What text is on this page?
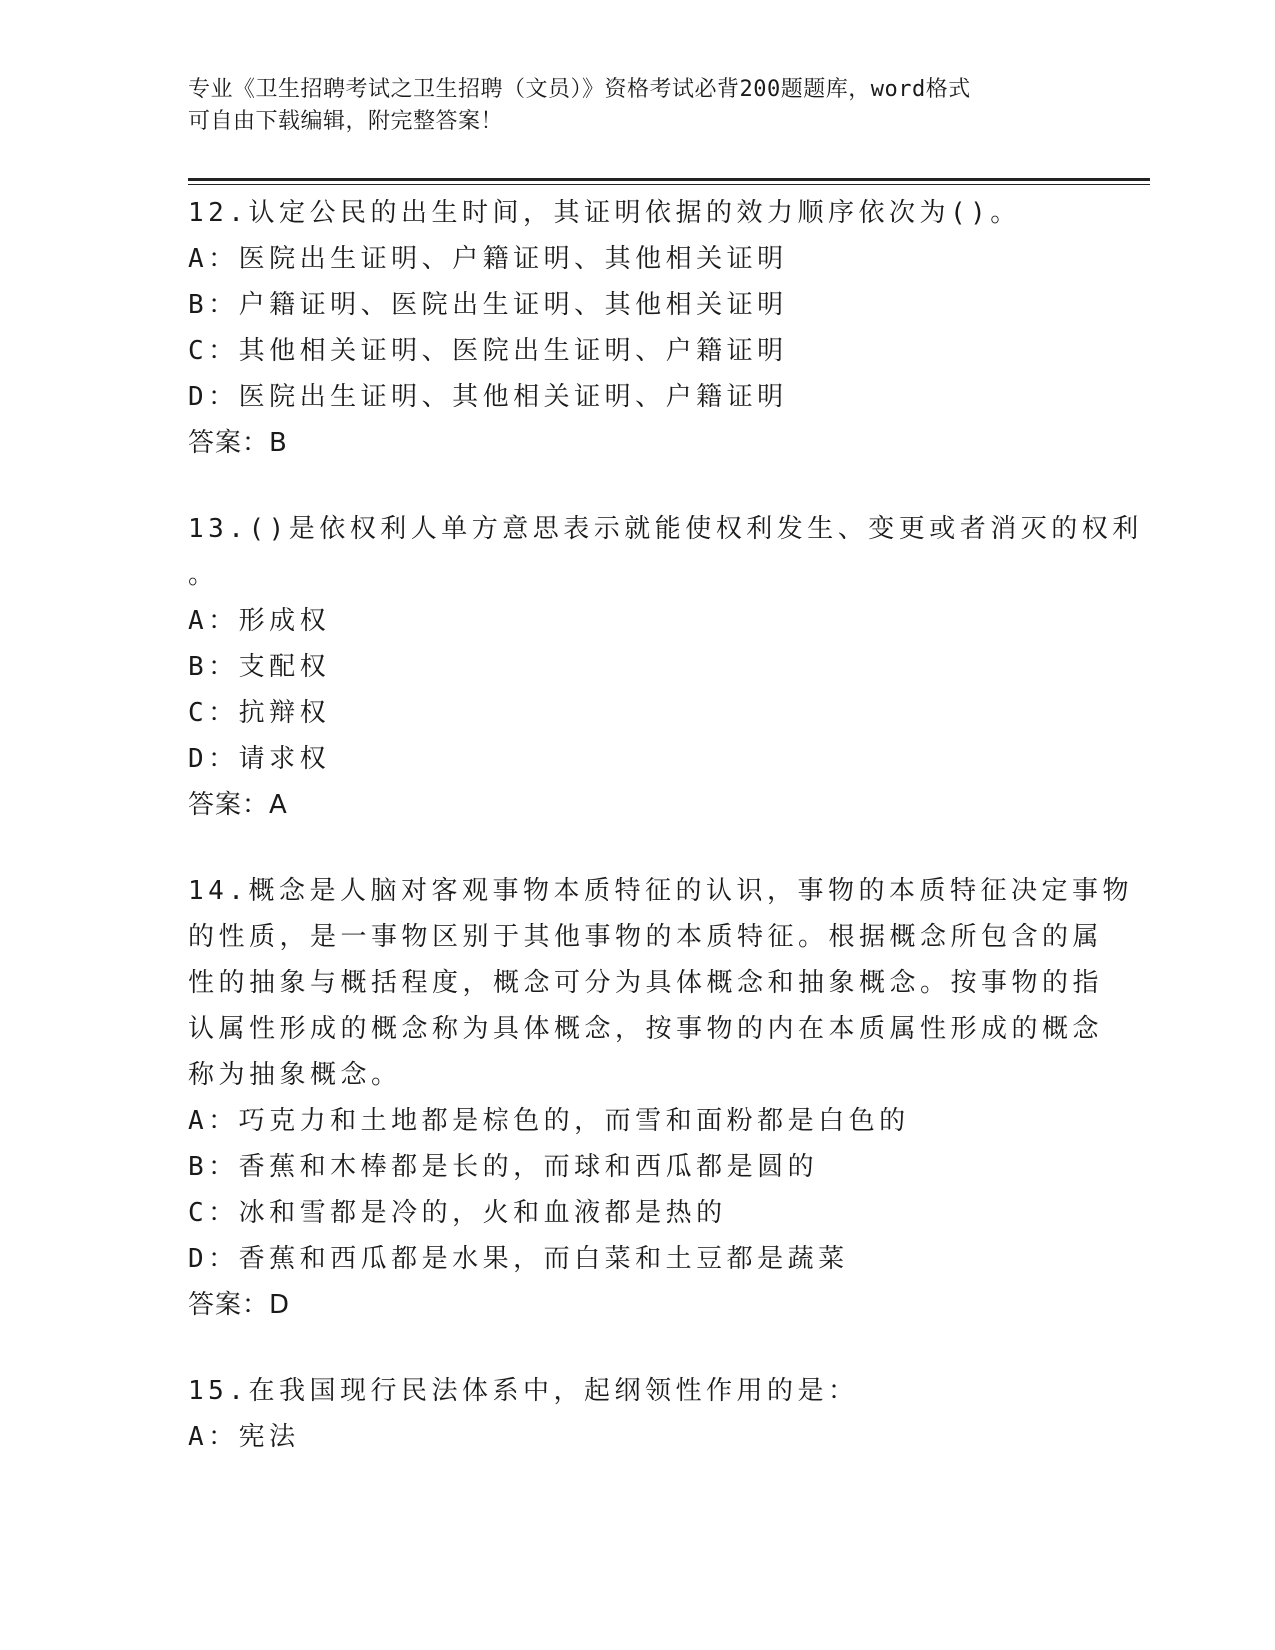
专业《卫生招聘考试之卫生招聘（文员）》资格考试必背200题题库，word格式
可自由下载编辑，附完整答案！
12.认定公民的出生时间，其证明依据的效力顺序依次为()。
A：医院出生证明、户籍证明、其他相关证明
B：户籍证明、医院出生证明、其他相关证明
C：其他相关证明、医院出生证明、户籍证明
D：医院出生证明、其他相关证明、户籍证明
答案：B
13.()是依权利人单方意思表示就能使权利发生、变更或者消灭的权利
。
A：形成权
B：支配权
C：抗辩权
D：请求权
答案：A
14.概念是人脑对客观事物本质特征的认识，事物的本质特征决定事物
的性质，是一事物区别于其他事物的本质特征。根据概念所包含的属
性的抽象与概括程度，概念可分为具体概念和抽象概念。按事物的指
认属性形成的概念称为具体概念，按事物的内在本质属性形成的概念
称为抽象概念。
A：巧克力和土地都是棕色的，而雪和面粉都是白色的
B：香蕉和木棒都是长的，而球和西瓜都是圆的
C：冰和雪都是冷的，火和血液都是热的
D：香蕉和西瓜都是水果，而白菜和土豆都是蔬菜
答案：D
15.在我国现行民法体系中，起纲领性作用的是：
A：宪法
